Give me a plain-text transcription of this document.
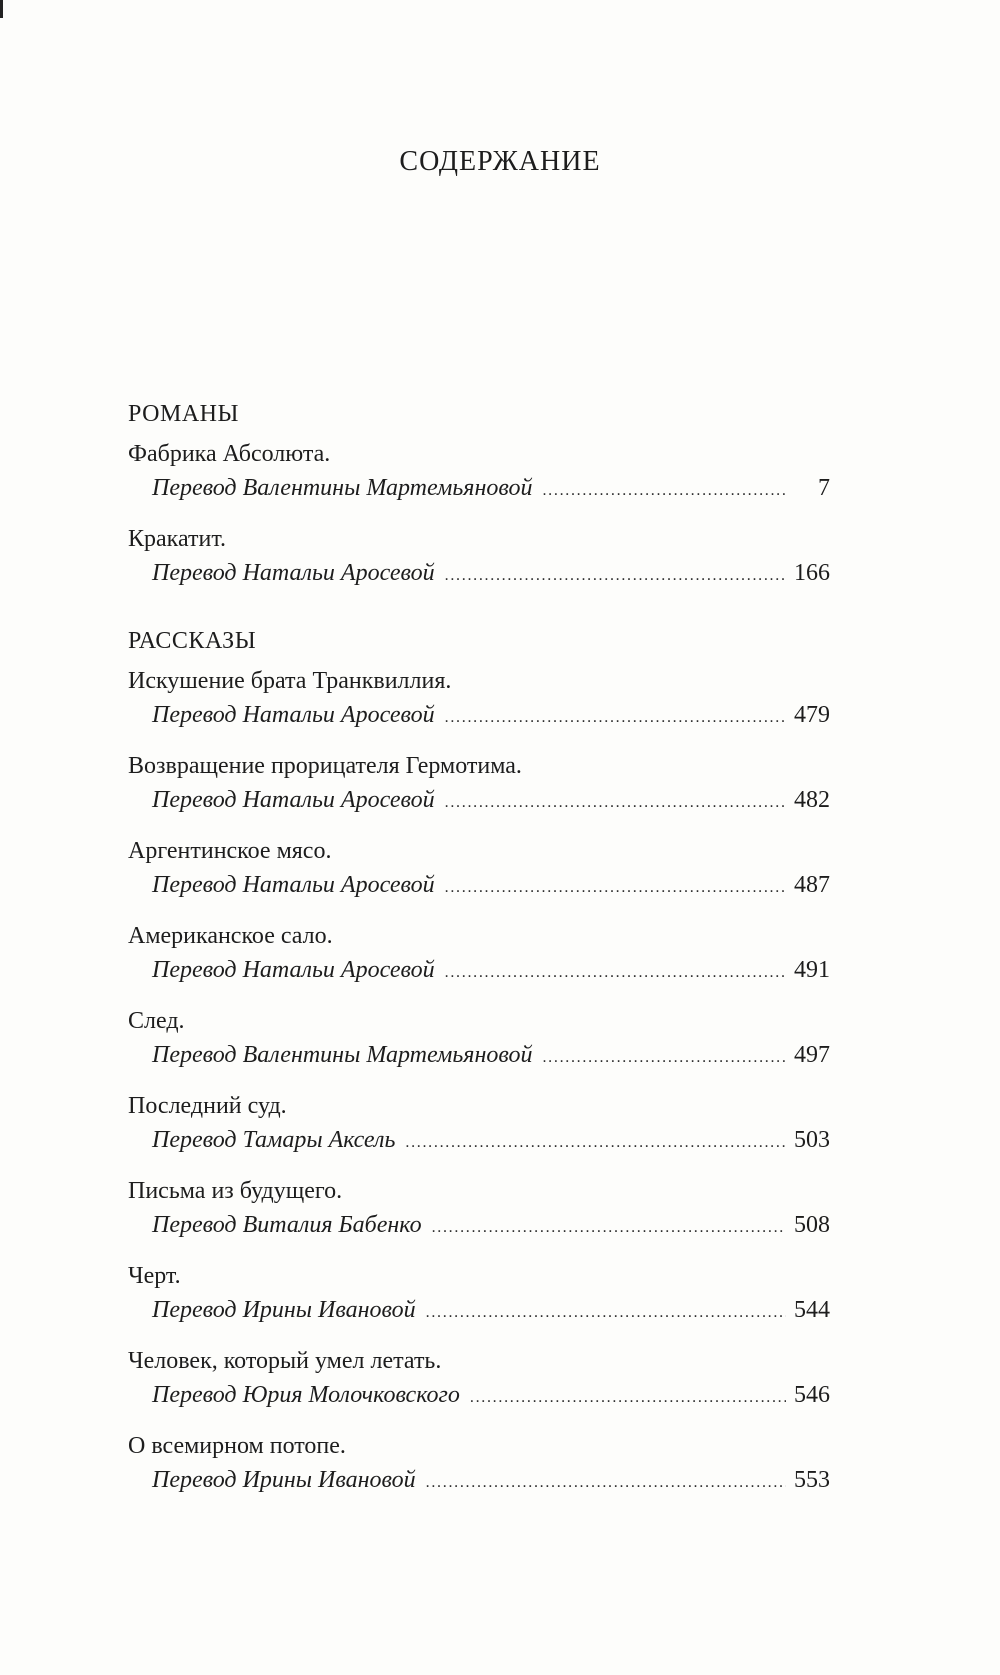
СОДЕРЖАНИЕ
РОМАНЫ
Фабрика Абсолюта.
Перевод Валентины Мартемьяновой .....	7
Кракатит.
Перевод Натальи Аросевой .....	166
РАССКАЗЫ
Искушение брата Транквиллия.
Перевод Натальи Аросевой .....	479
Возвращение прорицателя Гермотима.
Перевод Натальи Аросевой .....	482
Аргентинское мясо.
Перевод Натальи Аросевой .....	487
Американское сало.
Перевод Натальи Аросевой .....	491
След.
Перевод Валентины Мартемьяновой .....	497
Последний суд.
Перевод Тамары Аксель .....	503
Письма из будущего.
Перевод Виталия Бабенко .....	508
Черт.
Перевод Ирины Ивановой .....	544
Человек, который умел летать.
Перевод Юрия Молочковского .....	546
О всемирном потопе.
Перевод Ирины Ивановой .....	553
